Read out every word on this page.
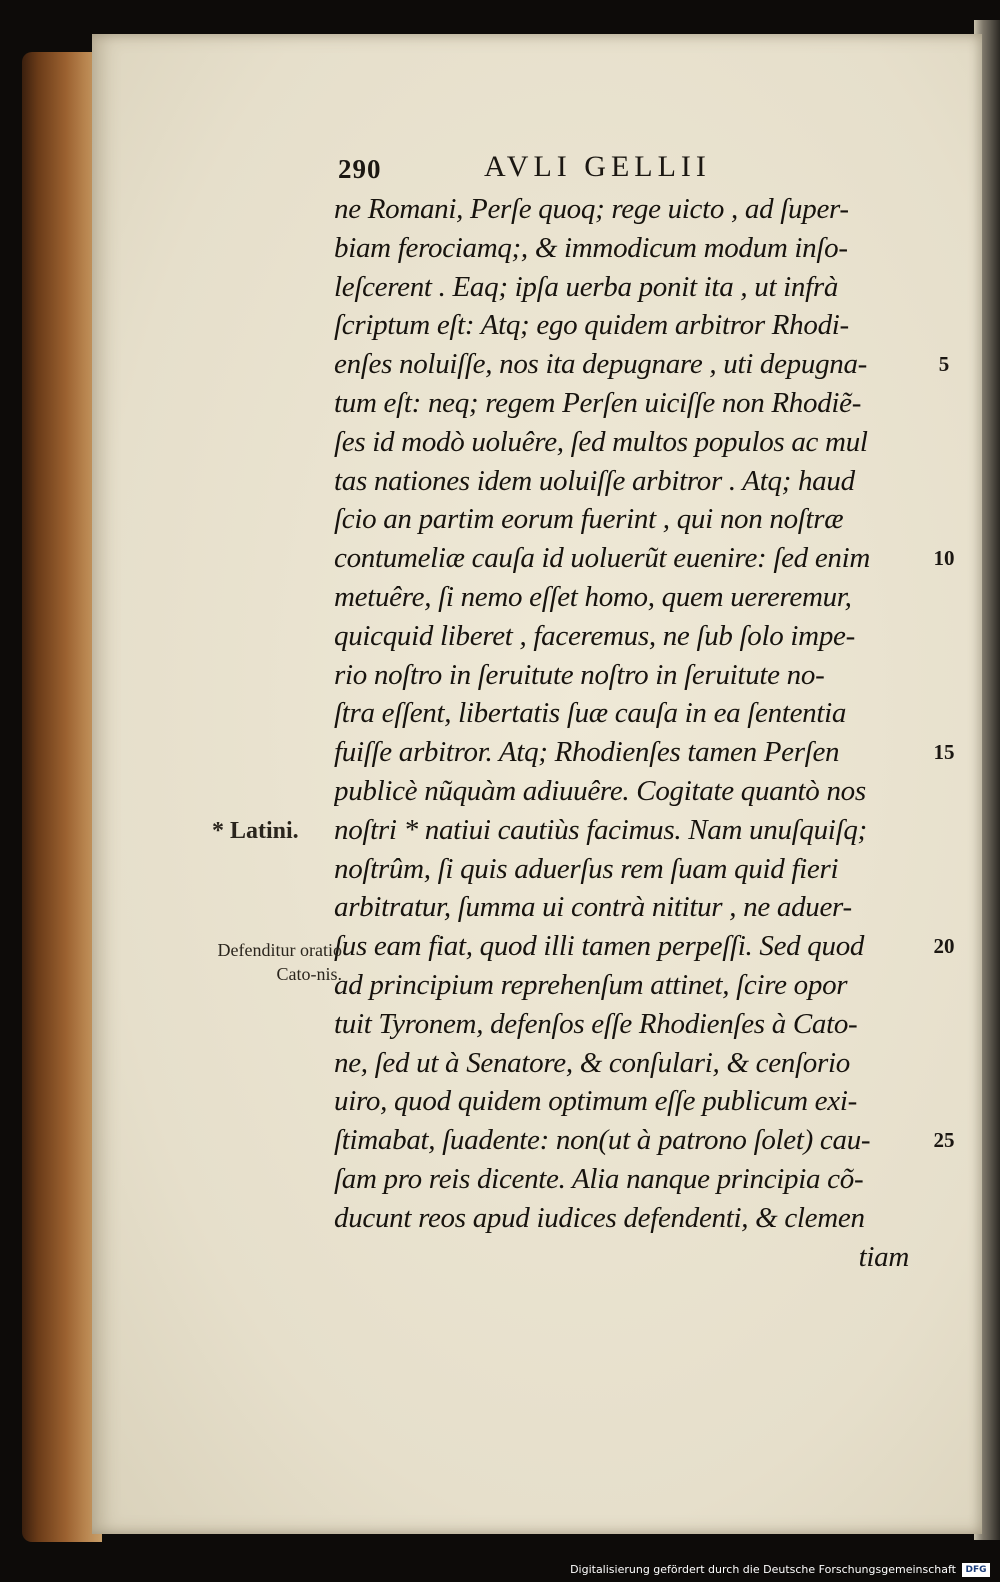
290	AVLI GELLII
ne Romani, Perſe quoq; rege uicto , ad ſuper-
biam ferociamq;, & immodicum modum inſo-
leſcerent . Eaq; ipſa uerba ponit ita , ut infrà
ſcriptum eſt: Atq; ego quidem arbitror Rhodi-
enſes noluiſſe, nos ita depugnare , uti depugna-
tum eſt: neq; regem Perſen uiciſſe non Rhodiẽ-
ſes id modò uoluêre, ſed multos populos ac mul
tas nationes idem uoluiſſe arbitror . Atq; haud
ſcio an partim eorum fuerint , qui non noſtræ
contumeliæ cauſa id uoluerũt euenire: ſed enim
metuêre, ſi nemo eſſet homo, quem uereremur,
quicquid liberet , faceremus, ne ſub ſolo impe-
rio noſtro in ſeruitute noſtro in ſeruitute no-
ſtra eſſent, libertatis ſuæ cauſa in ea ſententia
fuiſſe arbitror. Atq; Rhodienſes tamen Perſen
publicè nũquàm adiuuêre. Cogitate quantò nos
noſtri * natiui cautiùs facimus. Nam unuſquiſq;
noſtrûm, ſi quis aduerſus rem ſuam quid fieri
arbitratur, ſumma ui contrà nititur , ne aduer-
ſus eam fiat, quod illi tamen perpeſſi. Sed quod
ad principium reprehenſum attinet, ſcire opor
tuit Tyronem, defenſos eſſe Rhodienſes à Cato-
ne, ſed ut à Senatore, & conſulari, & cenſorio
uiro, quod quidem optimum eſſe publicum exi-
ſtimabat, ſuadente: non(ut à patrono ſolet) cau-
ſam pro reis dicente. Alia nanque principia cõ-
ducunt reos apud iudices defendenti, & clemen
tiam
5
10
15
20
25
* Latini.
Defenditur oratio Cato-nis.
Digitalisierung gefördert durch die Deutsche Forschungsgemeinschaft	DFG
